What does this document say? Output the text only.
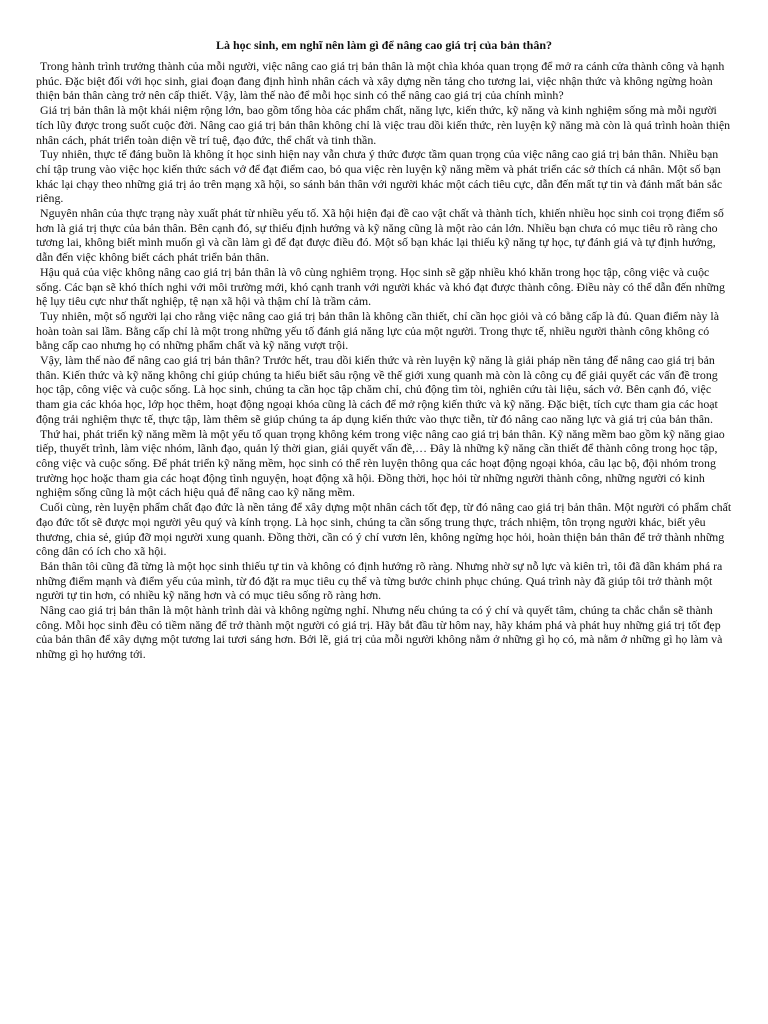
Là học sinh, em nghĩ nên làm gì để nâng cao giá trị của bản thân?

Trong hành trình trưởng thành của mỗi người, việc nâng cao giá trị bản thân là một chìa khóa quan trọng để mở ra cánh cửa thành công và hạnh phúc. Đặc biệt đối với học sinh, giai đoạn đang định hình nhân cách và xây dựng nền tảng cho tương lai, việc nhận thức và không ngừng hoàn thiện bản thân càng trở nên cấp thiết. Vậy, làm thế nào để mỗi học sinh có thể nâng cao giá trị của chính mình?

Giá trị bản thân là một khái niệm rộng lớn, bao gồm tổng hòa các phẩm chất, năng lực, kiến thức, kỹ năng và kinh nghiệm sống mà mỗi người tích lũy được trong suốt cuộc đời. Nâng cao giá trị bản thân không chỉ là việc trau dồi kiến thức, rèn luyện kỹ năng mà còn là quá trình hoàn thiện nhân cách, phát triển toàn diện về trí tuệ, đạo đức, thể chất và tinh thần.

Tuy nhiên, thực tế đáng buồn là không ít học sinh hiện nay vẫn chưa ý thức được tầm quan trọng của việc nâng cao giá trị bản thân. Nhiều bạn chỉ tập trung vào việc học kiến thức sách vở để đạt điểm cao, bỏ qua việc rèn luyện kỹ năng mềm và phát triển các sở thích cá nhân. Một số bạn khác lại chạy theo những giá trị ảo trên mạng xã hội, so sánh bản thân với người khác một cách tiêu cực, dẫn đến mất tự tin và đánh mất bản sắc riêng.

Nguyên nhân của thực trạng này xuất phát từ nhiều yếu tố. Xã hội hiện đại đề cao vật chất và thành tích, khiến nhiều học sinh coi trọng điểm số hơn là giá trị thực của bản thân. Bên cạnh đó, sự thiếu định hướng và kỹ năng cũng là một rào cản lớn. Nhiều bạn chưa có mục tiêu rõ ràng cho tương lai, không biết mình muốn gì và cần làm gì để đạt được điều đó. Một số bạn khác lại thiếu kỹ năng tự học, tự đánh giá và tự định hướng, dẫn đến việc không biết cách phát triển bản thân.

Hậu quả của việc không nâng cao giá trị bản thân là vô cùng nghiêm trọng. Học sinh sẽ gặp nhiều khó khăn trong học tập, công việc và cuộc sống. Các bạn sẽ khó thích nghi với môi trường mới, khó cạnh tranh với người khác và khó đạt được thành công. Điều này có thể dẫn đến những hệ lụy tiêu cực như thất nghiệp, tệ nạn xã hội và thậm chí là trầm cảm.

Tuy nhiên, một số người lại cho rằng việc nâng cao giá trị bản thân là không cần thiết, chỉ cần học giỏi và có bằng cấp là đủ. Quan điểm này là hoàn toàn sai lầm. Bằng cấp chỉ là một trong những yếu tố đánh giá năng lực của một người. Trong thực tế, nhiều người thành công không có bằng cấp cao nhưng họ có những phẩm chất và kỹ năng vượt trội.

Vậy, làm thế nào để nâng cao giá trị bản thân? Trước hết, trau dồi kiến thức và rèn luyện kỹ năng là giải pháp nền tảng để nâng cao giá trị bản thân. Kiến thức và kỹ năng không chỉ giúp chúng ta hiểu biết sâu rộng về thế giới xung quanh mà còn là công cụ để giải quyết các vấn đề trong học tập, công việc và cuộc sống. Là học sinh, chúng ta cần học tập chăm chỉ, chủ động tìm tòi, nghiên cứu tài liệu, sách vở. Bên cạnh đó, việc tham gia các khóa học, lớp học thêm, hoạt động ngoại khóa cũng là cách để mở rộng kiến thức và kỹ năng. Đặc biệt, tích cực tham gia các hoạt động trải nghiệm thực tế, thực tập, làm thêm sẽ giúp chúng ta áp dụng kiến thức vào thực tiễn, từ đó nâng cao năng lực và giá trị của bản thân.

Thứ hai, phát triển kỹ năng mềm là một yếu tố quan trọng không kém trong việc nâng cao giá trị bản thân. Kỹ năng mềm bao gồm kỹ năng giao tiếp, thuyết trình, làm việc nhóm, lãnh đạo, quản lý thời gian, giải quyết vấn đề,… Đây là những kỹ năng cần thiết để thành công trong học tập, công việc và cuộc sống. Để phát triển kỹ năng mềm, học sinh có thể rèn luyện thông qua các hoạt động ngoại khóa, câu lạc bộ, đội nhóm trong trường học hoặc tham gia các hoạt động tình nguyện, hoạt động xã hội. Đồng thời, học hỏi từ những người thành công, những người có kinh nghiệm sống cũng là một cách hiệu quả để nâng cao kỹ năng mềm.

Cuối cùng, rèn luyện phẩm chất đạo đức là nền tảng để xây dựng một nhân cách tốt đẹp, từ đó nâng cao giá trị bản thân. Một người có phẩm chất đạo đức tốt sẽ được mọi người yêu quý và kính trọng. Là học sinh, chúng ta cần sống trung thực, trách nhiệm, tôn trọng người khác, biết yêu thương, chia sẻ, giúp đỡ mọi người xung quanh. Đồng thời, cần có ý chí vươn lên, không ngừng học hỏi, hoàn thiện bản thân để trở thành những công dân có ích cho xã hội.

Bản thân tôi cũng đã từng là một học sinh thiếu tự tin và không có định hướng rõ ràng. Nhưng nhờ sự nỗ lực và kiên trì, tôi đã dần khám phá ra những điểm mạnh và điểm yếu của mình, từ đó đặt ra mục tiêu cụ thể và từng bước chinh phục chúng. Quá trình này đã giúp tôi trở thành một người tự tin hơn, có nhiều kỹ năng hơn và có mục tiêu sống rõ ràng hơn.

Nâng cao giá trị bản thân là một hành trình dài và không ngừng nghỉ. Nhưng nếu chúng ta có ý chí và quyết tâm, chúng ta chắc chắn sẽ thành công. Mỗi học sinh đều có tiềm năng để trở thành một người có giá trị. Hãy bắt đầu từ hôm nay, hãy khám phá và phát huy những giá trị tốt đẹp của bản thân để xây dựng một tương lai tươi sáng hơn. Bởi lẽ, giá trị của mỗi người không nằm ở những gì họ có, mà nằm ở những gì họ làm và những gì họ hướng tới.
